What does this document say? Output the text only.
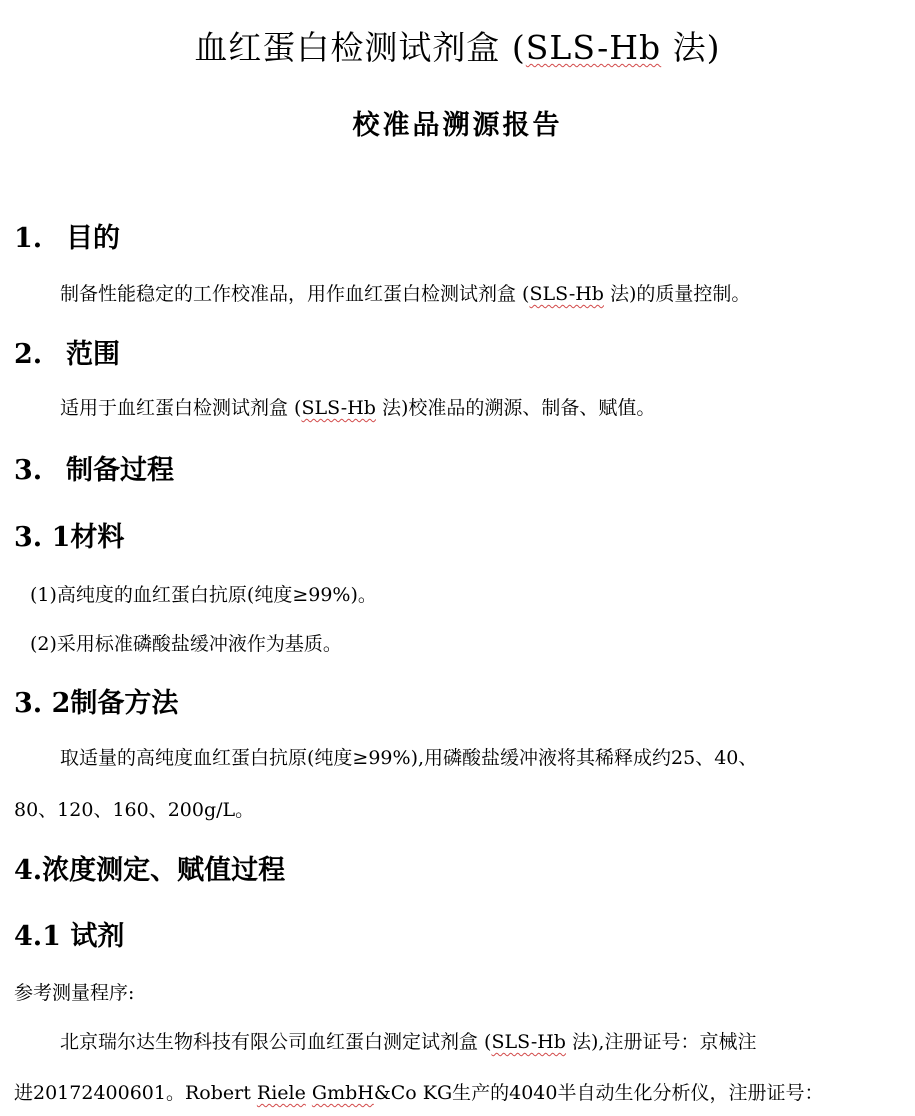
血红蛋白检测试剂盒 (SLS-Hb 法)
校准品溯源报告
1. 目的
制备性能稳定的工作校准品，用作血红蛋白检测试剂盒 (SLS-Hb 法)的质量控制。
2. 范围
适用于血红蛋白检测试剂盒 (SLS-Hb 法)校准品的溯源、制备、赋值。
3. 制备过程
3. 1材料
(1)高纯度的血红蛋白抗原(纯度≥99%)。
(2)采用标准磷酸盐缓冲液作为基质。
3. 2制备方法
取适量的高纯度血红蛋白抗原(纯度≥99%),用磷酸盐缓冲液将其稀释成约25、40、
80、120、160、200g/L。
4.浓度测定、赋值过程
4.1 试剂
参考测量程序:
北京瑞尔达生物科技有限公司血红蛋白测定试剂盒 (SLS-Hb 法),注册证号：京械注
进20172400601。Robert Riele GmbH&Co KG生产的4040半自动生化分析仪，注册证号：
